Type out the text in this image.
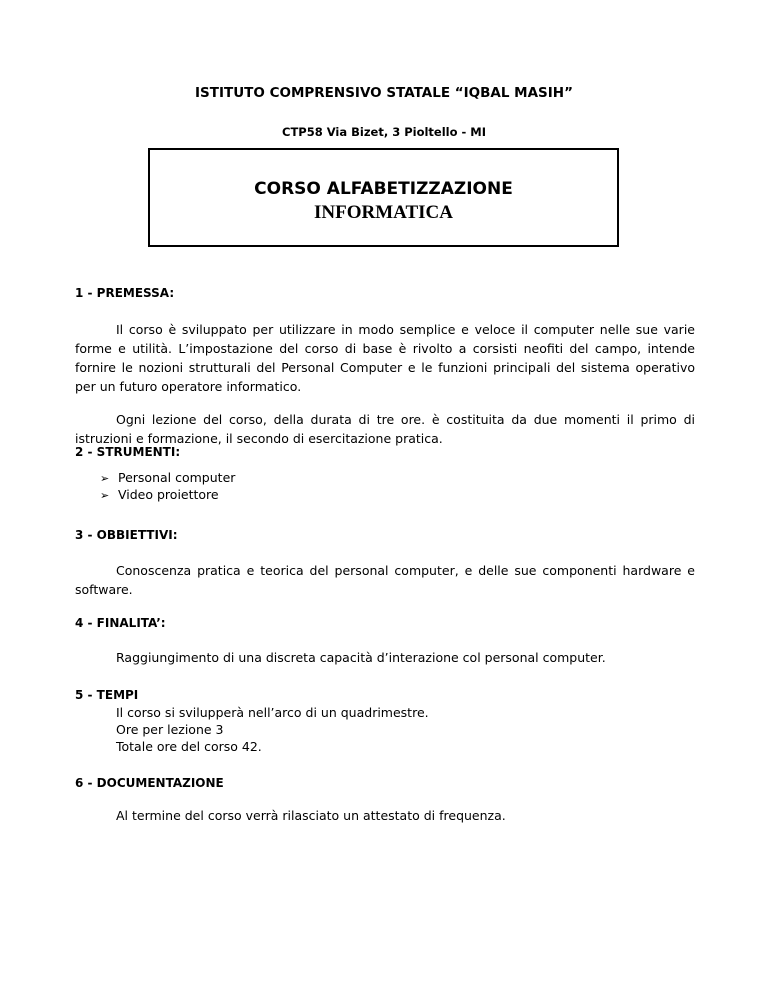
ISTITUTO COMPRENSIVO STATALE “IQBAL MASIH”

CTP58 Via Bizet, 3 Pioltello - MI

CORSO ALFABETIZZAZIONE
INFORMATICA

1 - PREMESSA:

Il corso è sviluppato per utilizzare in modo semplice e veloce il computer nelle sue varie forme e utilità. L’impostazione del corso di base è rivolto a corsisti neofiti del campo, intende fornire le nozioni strutturali del Personal Computer e le funzioni principali del sistema operativo per un futuro operatore informatico.

Ogni lezione del corso, della durata di tre ore. è costituita da due momenti il primo di istruzioni e formazione, il secondo di esercitazione pratica.

2 - STRUMENTI:

➢ Personal computer
➢ Video proiettore

3 - OBBIETTIVI:

Conoscenza pratica e teorica del personal computer, e delle sue componenti hardware e software.

4 - FINALITA’:

Raggiungimento di una discreta capacità d’interazione col personal computer.

5 - TEMPI

Il corso si svilupperà nell’arco di un quadrimestre.
Ore per lezione 3
Totale ore del corso 42.

6 - DOCUMENTAZIONE

Al termine del corso verrà rilasciato un attestato di frequenza.
